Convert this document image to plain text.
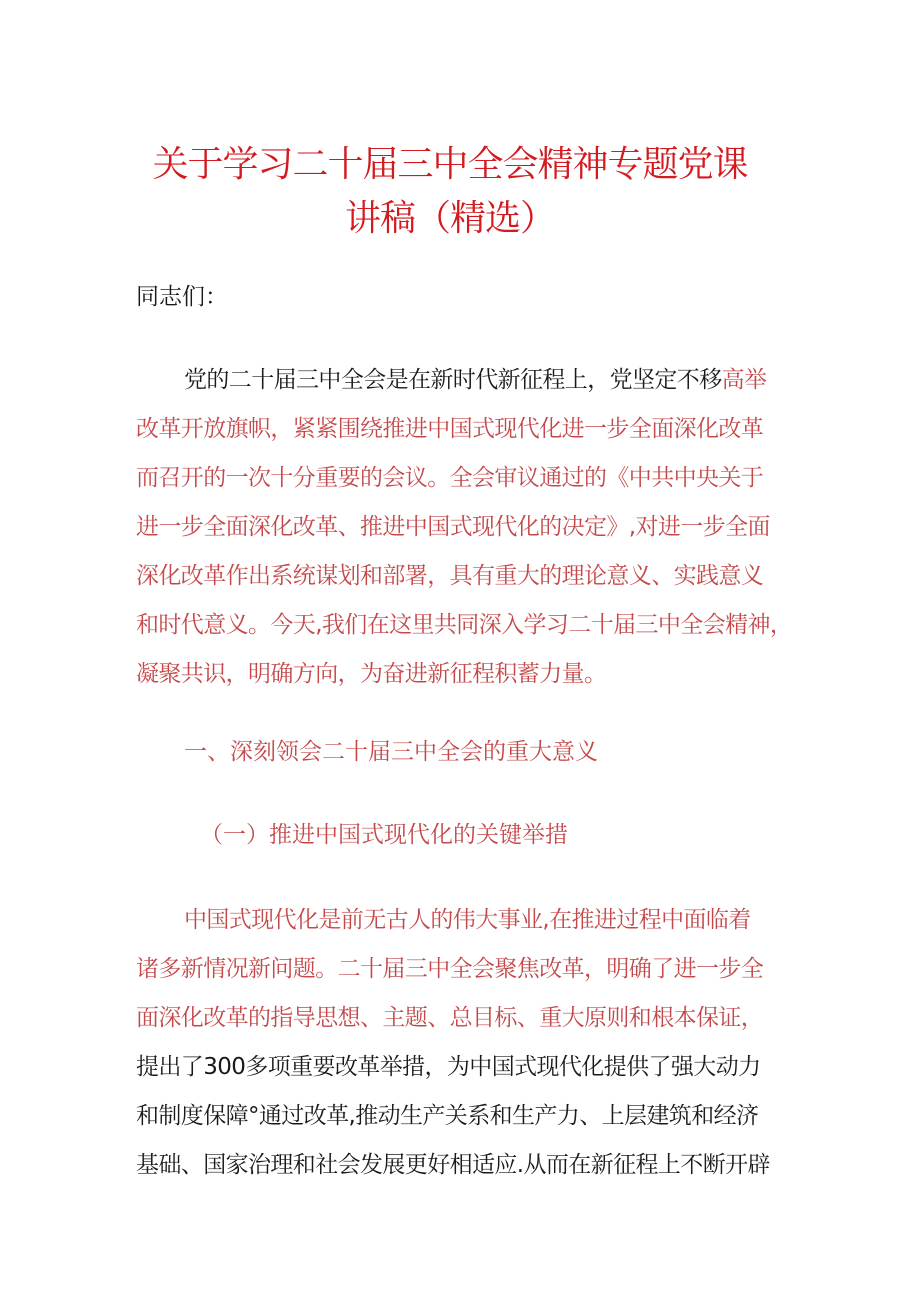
关于学习二十届三中全会精神专题党课
讲稿（精选）
同志们：
党的二十届三中全会是在新时代新征程上，党坚定不移高举
改革开放旗帜，紧紧围绕推进中国式现代化进一步全面深化改革
而召开的一次十分重要的会议。全会审议通过的《中共中央关于
进一步全面深化改革、推进中国式现代化的决定》,对进一步全面
深化改革作出系统谋划和部署，具有重大的理论意义、实践意义
和时代意义。今天,我们在这里共同深入学习二十届三中全会精神，
凝聚共识，明确方向，为奋进新征程积蓄力量。
一、深刻领会二十届三中全会的重大意义
（一）推进中国式现代化的关键举措
中国式现代化是前无古人的伟大事业,在推进过程中面临着
诸多新情况新问题。二十届三中全会聚焦改革，明确了进一步全
面深化改革的指导思想、主题、总目标、重大原则和根本保证，
提出了300多项重要改革举措，为中国式现代化提供了强大动力
和制度保障°通过改革,推动生产关系和生产力、上层建筑和经济
基础、国家治理和社会发展更好相适应.从而在新征程上不断开辟
